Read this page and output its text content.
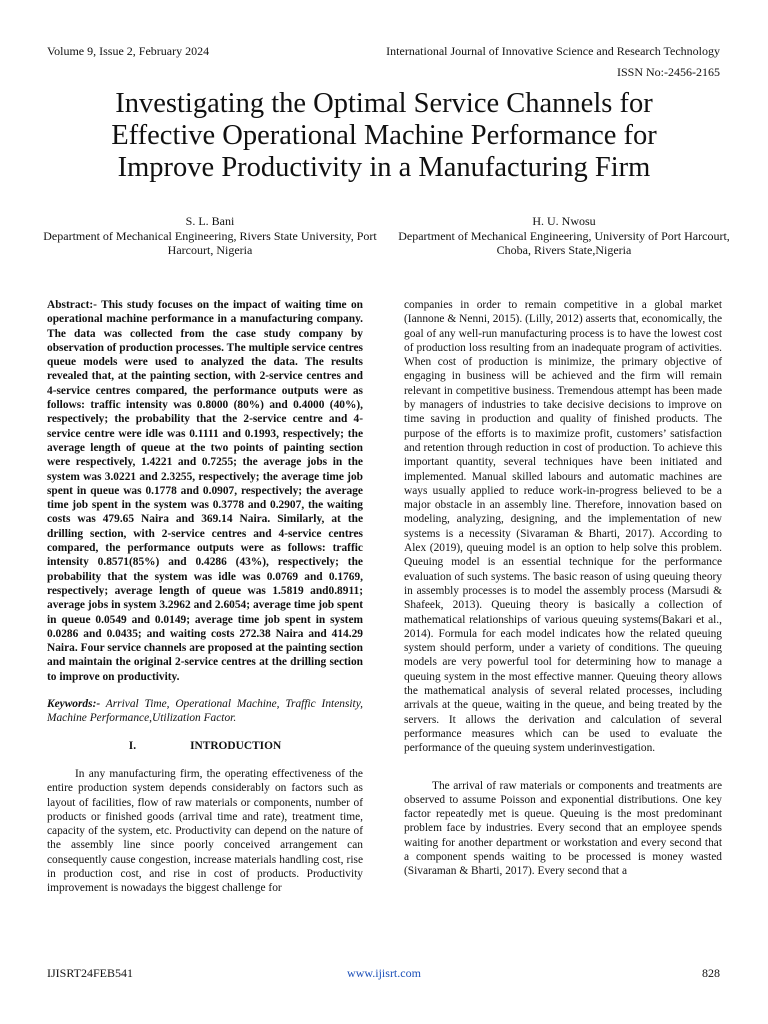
Volume 9, Issue 2, February 2024	International Journal of Innovative Science and Research Technology
ISSN No:-2456-2165
Investigating the Optimal Service Channels for
Effective Operational Machine Performance for
Improve Productivity in a Manufacturing Firm
S. L. Bani
Department of Mechanical Engineering, Rivers State University, Port Harcourt, Nigeria
H. U. Nwosu
Department of Mechanical Engineering, University of Port Harcourt, Choba, Rivers State,Nigeria

Abstract:- This study focuses on the impact of waiting time on operational machine performance in a manufacturing company. The data was collected from the case study company by observation of production processes. The multiple service centres queue models were used to analyzed the data. The results revealed that, at the painting section, with 2-service centres and 4-service centres compared, the performance outputs were as follows: traffic intensity was 0.8000 (80%) and 0.4000 (40%), respectively; the probability that the 2-service centre and 4-service centre were idle was 0.1111 and 0.1993, respectively; the average length of queue at the two points of painting section were respectively, 1.4221 and 0.7255; the average jobs in the system was 3.0221 and 2.3255, respectively; the average time job spent in queue was 0.1778 and 0.0907, respectively; the average time job spent in the system was 0.3778 and 0.2907, the waiting costs was 479.65 Naira and 369.14 Naira. Similarly, at the drilling section, with 2-service centres and 4-service centres compared, the performance outputs were as follows: traffic intensity 0.8571(85%) and 0.4286 (43%), respectively; the probability that the system was idle was 0.0769 and 0.1769, respectively; average length of queue was 1.5819 and0.8911; average jobs in system 3.2962 and 2.6054; average time job spent in queue 0.0549 and 0.0149; average time job spent in system 0.0286 and 0.0435; and waiting costs 272.38 Naira and 414.29 Naira. Four service channels are proposed at the painting section and maintain the original 2-service centres at the drilling section to improve on productivity.

Keywords:- Arrival Time, Operational Machine, Traffic Intensity, Machine Performance,Utilization Factor.

I.	INTRODUCTION

In any manufacturing firm, the operating effectiveness of the entire production system depends considerably on factors such as layout of facilities, flow of raw materials or components, number of products or finished goods (arrival time and rate), treatment time, capacity of the system, etc. Productivity can depend on the nature of the assembly line since poorly conceived arrangement can consequently cause congestion, increase materials handling cost, rise in production cost, and rise in cost of products. Productivity improvement is nowadays the biggest challenge for

companies in order to remain competitive in a global market (Iannone & Nenni, 2015). (Lilly, 2012) asserts that, economically, the goal of any well-run manufacturing process is to have the lowest cost of production loss resulting from an inadequate program of activities. When cost of production is minimize, the primary objective of engaging in business will be achieved and the firm will remain relevant in competitive business. Tremendous attempt has been made by managers of industries to take decisive decisions to improve on time saving in production and quality of finished products. The purpose of the efforts is to maximize profit, customers’ satisfaction and retention through reduction in cost of production. To achieve this important quantity, several techniques have been initiated and implemented. Manual skilled labours and automatic machines are ways usually applied to reduce work-in-progress believed to be a major obstacle in an assembly line. Therefore, innovation based on modeling, analyzing, designing, and the implementation of new systems is a necessity (Sivaraman & Bharti, 2017). According to Alex (2019), queuing model is an option to help solve this problem. Queuing model is an essential technique for the performance evaluation of such systems. The basic reason of using queuing theory in assembly processes is to model the assembly process (Marsudi & Shafeek, 2013). Queuing theory is basically a collection of mathematical relationships of various queuing systems(Bakari et al., 2014). Formula for each model indicates how the related queuing system should perform, under a variety of conditions. The queuing models are very powerful tool for determining how to manage a queuing system in the most effective manner. Queuing theory allows the mathematical analysis of several related processes, including arrivals at the queue, waiting in the queue, and being treated by the servers. It allows the derivation and calculation of several performance measures which can be used to evaluate the performance of the queuing system underinvestigation.

The arrival of raw materials or components and treatments are observed to assume Poisson and exponential distributions. One key factor repeatedly met is queue. Queuing is the most predominant problem face by industries. Every second that an employee spends waiting for another department or workstation and every second that a component spends waiting to be processed is money wasted (Sivaraman & Bharti, 2017). Every second that a

IJISRT24FEB541	www.ijisrt.com	828
